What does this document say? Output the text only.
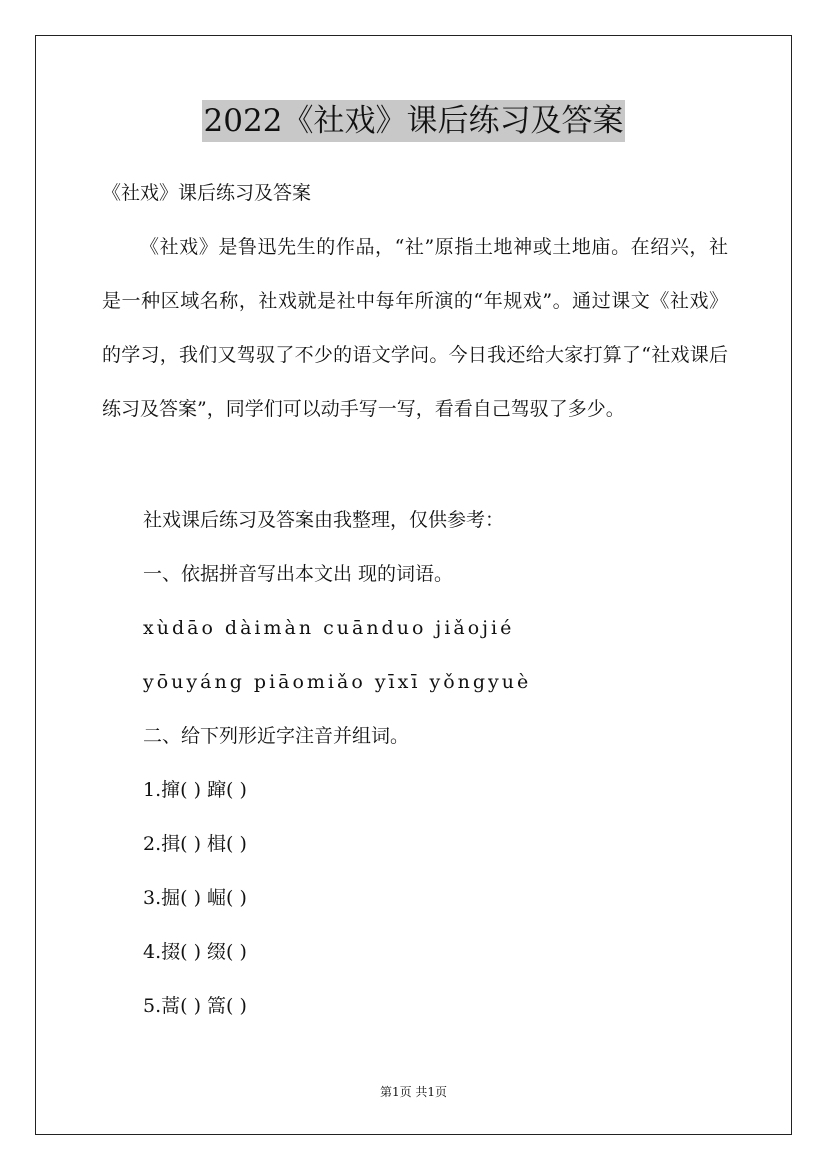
2022《社戏》课后练习及答案
《社戏》课后练习及答案
《社戏》是鲁迅先生的作品，“社”原指土地神或土地庙。在绍兴，社是一种区域名称，社戏就是社中每年所演的“年规戏”。通过课文《社戏》的学习，我们又驾驭了不少的语文学问。今日我还给大家打算了“社戏课后练习及答案”，同学们可以动手写一写，看看自己驾驭了多少。
社戏课后练习及答案由我整理，仅供参考：
一、依据拼音写出本文出 现的词语。
xùdāo dàimàn cuānduo jiǎojié
yōuyáng piāomiǎo yīxī yǒngyuè
二、给下列形近字注音并组词。
1.撺( ) 蹿( )
2.揖( ) 楫( )
3.掘( ) 崛( )
4.掇( ) 缀( )
5.蒿( ) 篙( )
第1页 共1页
